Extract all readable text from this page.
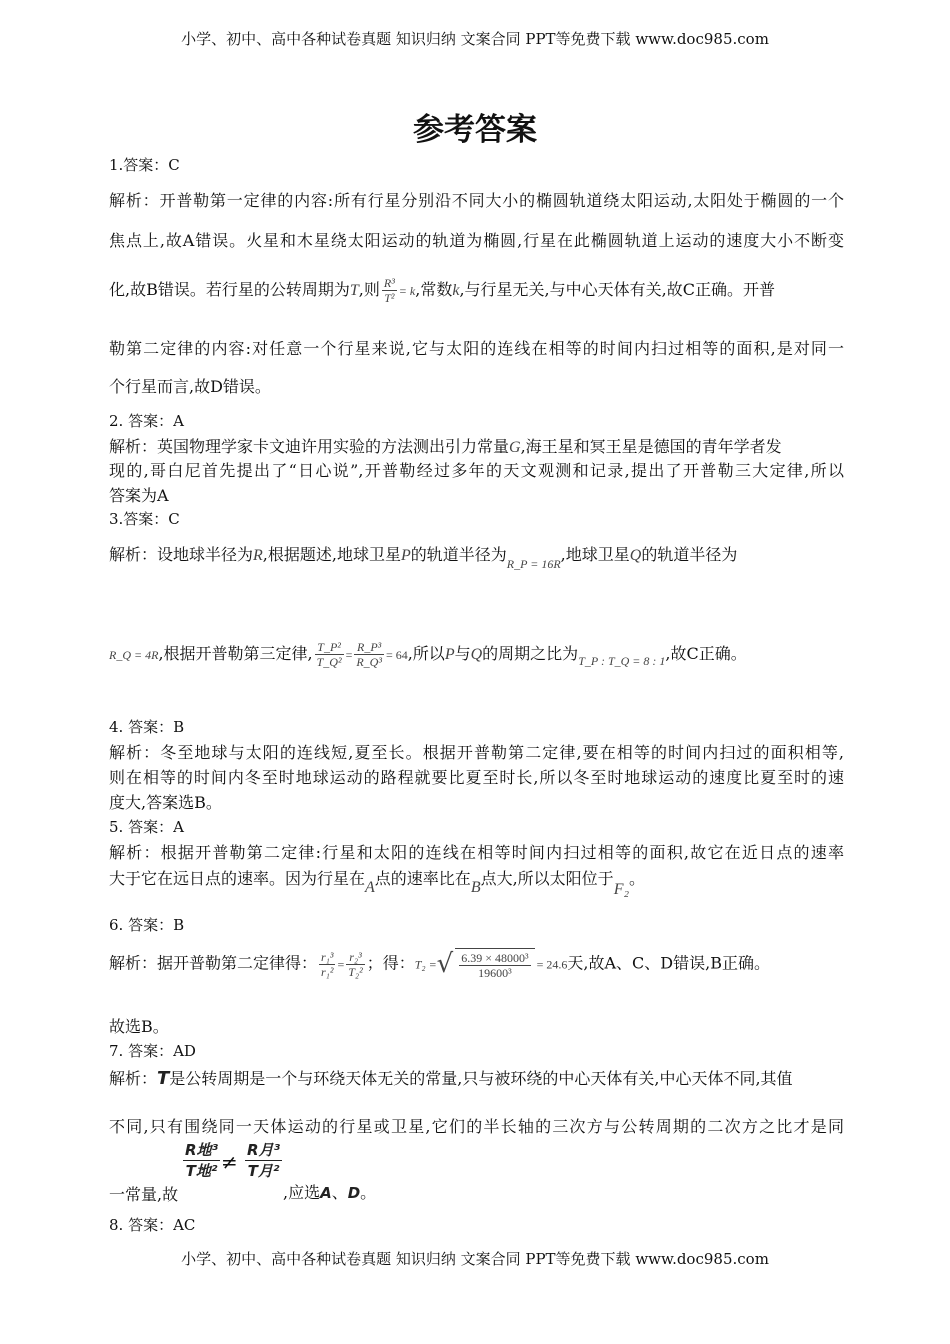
小学、初中、高中各种试卷真题 知识归纳 文案合同 PPT等免费下载 www.doc985.com
参考答案
1.答案：C
解析：开普勒第一定律的内容:所有行星分别沿不同大小的椭圆轨道绕太阳运动,太阳处于椭圆的一个
焦点上,故A错误。火星和木星绕太阳运动的轨道为椭圆,行星在此椭圆轨道上运动的速度大小不断变
化,故B错误。若行星的公转周期为T,则 $\frac{\text{R³}}{\text{T²}} = k$,常数k,与行星无关,与中心天体有关,故C正确。开普
勒第二定律的内容:对任意一个行星来说,它与太阳的连线在相等的时间内扫过相等的面积,是对同一
个行星而言,故D错误。
2. 答案：A
解析：英国物理学家卡文迪许用实验的方法测出引力常量G,海王星和冥王星是德国的青年学者发
现的,哥白尼首先提出了“日心说”,开普勒经过多年的天文观测和记录,提出了开普勒三大定律,所以
答案为A
3.答案：C
解析：设地球半径为R,根据题述,地球卫星P的轨道半径为$_{R\_P = 16R}$,地球卫星Q的轨道半径为
R_Q = 4R,根据开普勒第三定律, $\frac{\text{T\_P²}}{\text{T\_Q²}} = \frac{\text{R\_P³}}{\text{R\_Q³}} = 64$,所以P与Q的周期之比为$_{T\_P : T\_Q = 8 : 1}$,故C正确。
4. 答案：B
解析：冬至地球与太阳的连线短,夏至长。根据开普勒第二定律,要在相等的时间内扫过的面积相等,
则在相等的时间内冬至时地球运动的路程就要比夏至时长,所以冬至时地球运动的速度比夏至时的速
度大,答案选B。
5. 答案：A
解析：根据开普勒第二定律:行星和太阳的连线在相等时间内扫过相等的面积,故它在近日点的速率
大于它在远日点的速率。因为行星在A点的速率比在B点大,所以太阳位于F₂。
6. 答案：B
解析：据开普勒第二定律得： $\frac{\text{r₁³}}{\text{r₁²}} = \frac{\text{r₂³}}{\text{T₂²}}$ ；得：T₂ =√ $\frac{\text{6.39 × 48000³}}{\text{19600³}} = 24.6$天,故A、C、D错误,B正确。
故选B。
7. 答案：AD
解析：T是公转周期是一个与环绕天体无关的常量,只与被环绕的中心天体有关,中心天体不同,其值
不同,只有围绕同一天体运动的行星或卫星,它们的半长轴的三次方与公转周期的二次方之比才是同
一常量,故
R地³
T地² ≠ R月³
T月²
,应选A、D。
8. 答案：AC
小学、初中、高中各种试卷真题 知识归纳 文案合同 PPT等免费下载 www.doc985.com
